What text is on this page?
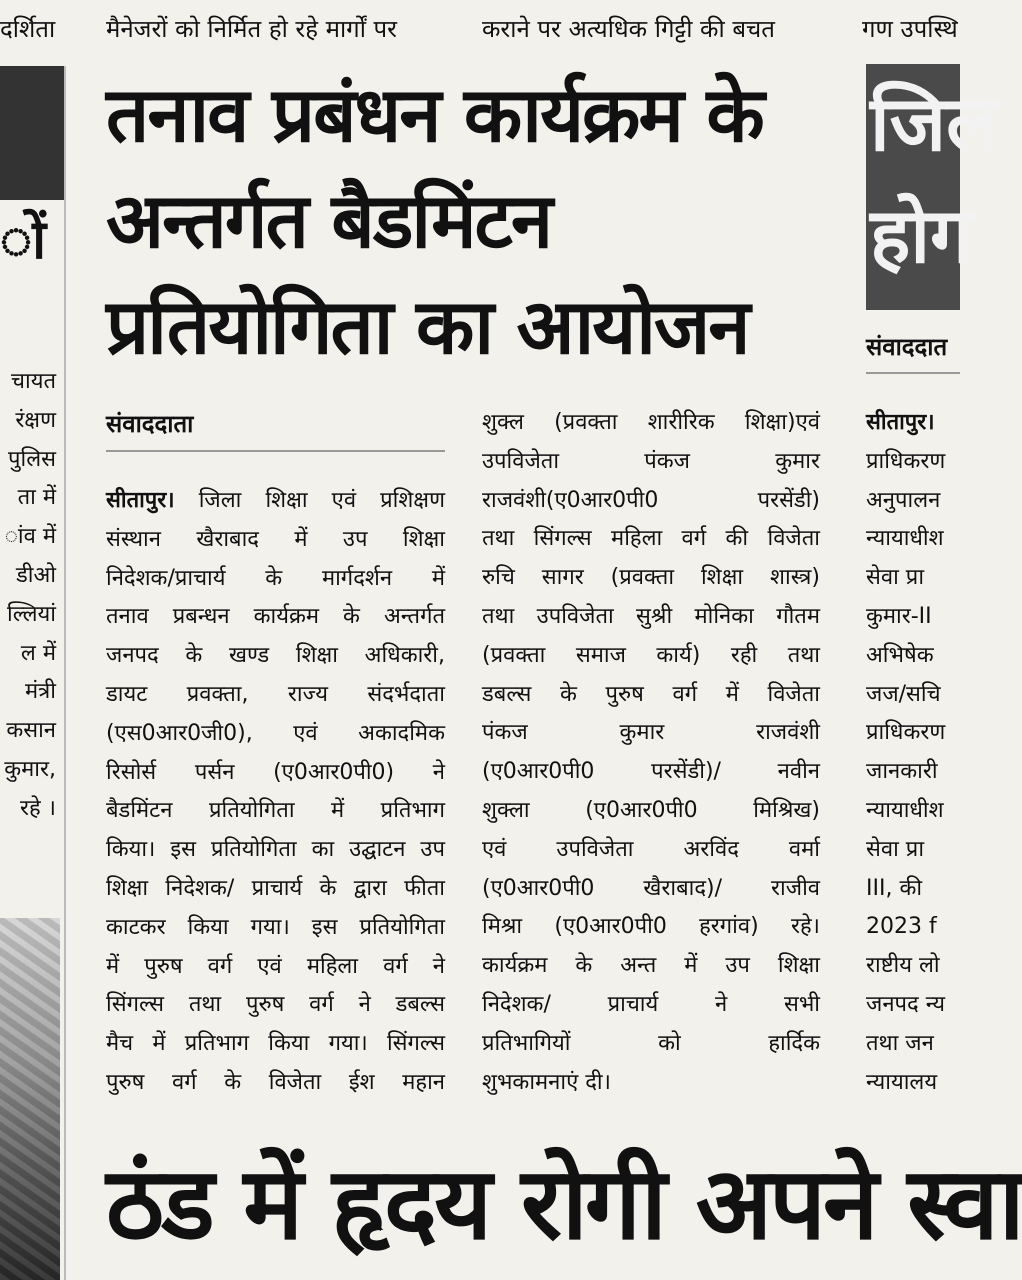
दर्शिता	मैनेजरों को निर्मित हो रहे मार्गों पर	कराने पर अत्यधिक गिट्टी की बचत	गण उपस्थि
ों
चायत
रंक्षण
पुलिस
ता में
ांव में
डीओ
ल्लियां
ल में
मंत्री
कसान
कुमार,
रहे ।
तनाव प्रबंधन कार्यक्रम के
अन्तर्गत बैडमिंटन
प्रतियोगिता का आयोजन
संवाददाता
सीतापुर। जिला शिक्षा एवं प्रशिक्षण
संस्थान खैराबाद में उप शिक्षा
निदेशक/प्राचार्य के मार्गदर्शन में
तनाव प्रबन्धन कार्यक्रम के अन्तर्गत
जनपद के खण्ड शिक्षा अधिकारी,
डायट प्रवक्ता, राज्य संदर्भदाता
(एस0आर0जी0), एवं अकादमिक
रिसोर्स पर्सन (ए0आर0पी0) ने
बैडमिंटन प्रतियोगिता में प्रतिभाग
किया। इस प्रतियोगिता का उद्घाटन उप
शिक्षा निदेशक/ प्राचार्य के द्वारा फीता
काटकर किया गया। इस प्रतियोगिता
में पुरुष वर्ग एवं महिला वर्ग ने
सिंगल्स तथा पुरुष वर्ग ने डबल्स
मैच में प्रतिभाग किया गया। सिंगल्स
पुरुष वर्ग के विजेता ईश महान
शुक्ल (प्रवक्ता शारीरिक शिक्षा)एवं
उपविजेता पंकज कुमार
राजवंशी(ए0आर0पी0 परसेंडी)
तथा सिंगल्स महिला वर्ग की विजेता
रुचि सागर (प्रवक्ता शिक्षा शास्त्र)
तथा उपविजेता सुश्री मोनिका गौतम
(प्रवक्ता समाज कार्य) रही तथा
डबल्स के पुरुष वर्ग में विजेता
पंकज कुमार राजवंशी
(ए0आर0पी0 परसेंडी)/ नवीन
शुक्ला (ए0आर0पी0 मिश्रिख)
एवं उपविजेता अरविंद वर्मा
(ए0आर0पी0 खैराबाद)/ राजीव
मिश्रा (ए0आर0पी0 हरगांव) रहे।
कार्यक्रम के अन्त में उप शिक्षा
निदेशक/ प्राचार्य ने सभी
प्रतिभागियों को हार्दिक
शुभकामनाएं दी।
जिल
होग
संवाददात
सीतापुर।
प्राधिकरण
अनुपालन
न्यायाधीश
सेवा प्रा
कुमार-II
अभिषेक
जज/सचि
प्राधिकरण
जानकारी
न्यायाधीश
सेवा प्रा
III, की
2023 f
राष्टीय लो
जनपद न्य
तथा जन
न्यायालय
ठंड में हृदय रोगी अपने स्वा
